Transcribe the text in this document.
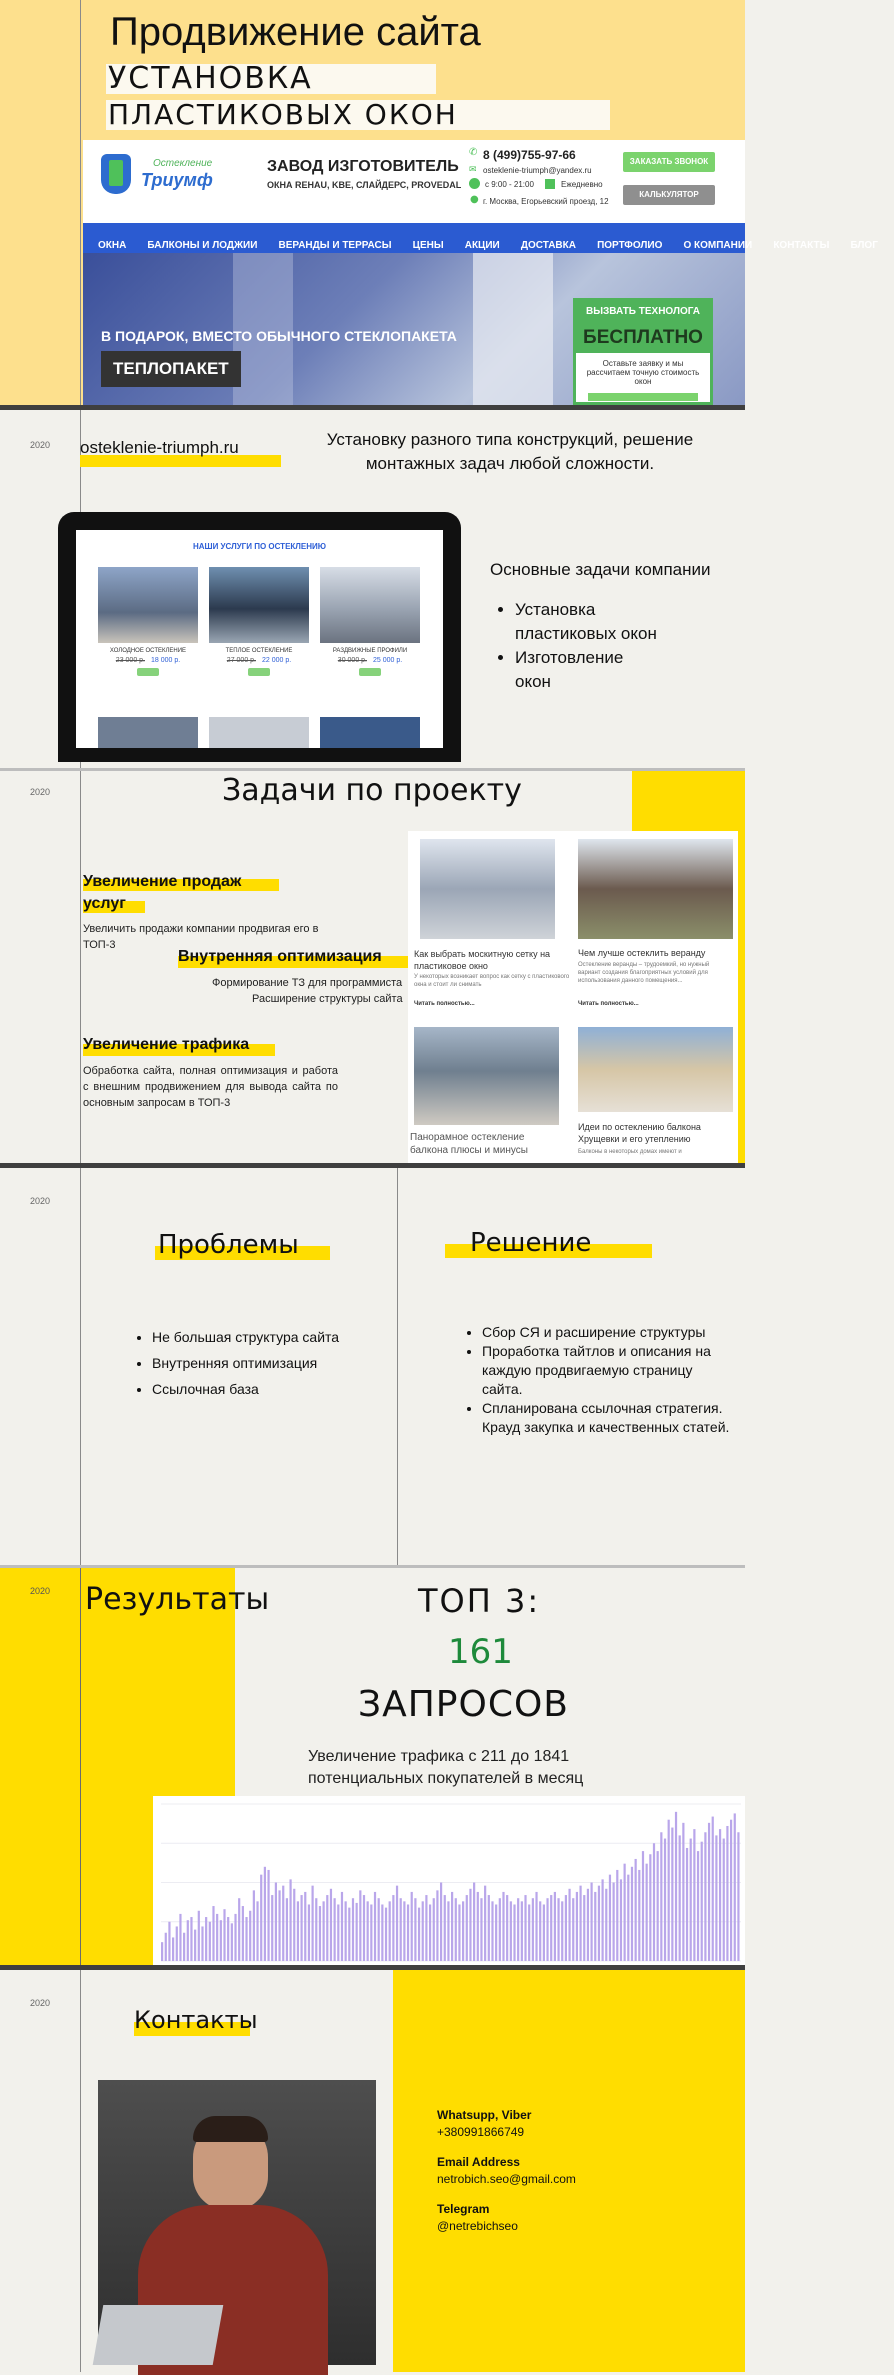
Продвижение сайта
УСТАНОВКА
ПЛАСТИКОВЫХ ОКОН
Остекление
Триумф
ЗАВОД ИЗГОТОВИТЕЛЬ
ОКНА REHAU, KBE, СЛАЙДЕРС, PROVEDAL
✆ 8 (499)755-97-66
✉ osteklenie-triumph@yandex.ru
с 9:00 - 21:00	Ежедневно
● г. Москва, Егорьевский проезд, 12
ЗАКАЗАТЬ ЗВОНОК
КАЛЬКУЛЯТОР
ОКНА БАЛКОНЫ И ЛОДЖИИ ВЕРАНДЫ И ТЕРРАСЫ ЦЕНЫ АКЦИИ ДОСТАВКА ПОРТФОЛИО О КОМПАНИИ КОНТАКТЫ БЛОГ
В ПОДАРОК, ВМЕСТО ОБЫЧНОГО СТЕКЛОПАКЕТА
ТЕПЛОПАКЕТ
ВЫЗВАТЬ ТЕХНОЛОГА
БЕСПЛАТНО
Оставьте заявку и мы рассчитаем точную стоимость окон
2020 osteklenie-triumph.ru	Установку разного типа конструкций, решение монтажных задач любой сложности.
НАШИ УСЛУГИ ПО ОСТЕКЛЕНИЮ
ХОЛОДНОЕ ОСТЕКЛЕНИЕ
23 000 р. 18 000 р.
ТЕПЛОЕ ОСТЕКЛЕНИЕ
27 000 р. 22 000 р.
РАЗДВИЖНЫЕ ПРОФИЛИ
30 000 р. 25 000 р.
Основные задачи компании
• Установка пластиковых окон
• Изготовление окон
2020	Задачи по проекту
Увеличение продаж
услуг
Увеличить продажи компании продвигая его в ТОП-3
Внутренняя оптимизация
Формирование ТЗ для программиста
Расширение структуры сайта
Увеличение трафика
Обработка сайта, полная оптимизация и работа с внешним продвижением для вывода сайта по основным запросам в ТОП-3
Как выбрать москитную сетку на пластиковое окно
У некоторых возникает вопрос как сетку с пластикового окна и стоит ли снимать
Читать полностью...
Чем лучше остеклить веранду
Остекление веранды – трудоемкий, но нужный вариант создания благоприятных условий для использования данного помещения...
Читать полностью...
Панорамное остекление балкона плюсы и минусы
Идеи по остеклению балкона Хрущевки и его утеплению
Балконы в некоторых домах имеют и
2020
Проблемы
• Не большая структура сайта
• Внутренняя оптимизация
• Ссылочная база
Решение
• Сбор СЯ и расширение структуры
• Проработка тайтлов и описания на каждую продвигаемую страницу сайта.
• Спланирована ссылочная стратегия. Крауд закупка и качественных статей.
2020 Результаты	ТОП 3:
161
ЗАПРОСОВ
Увеличение трафика с 211 до 1841
потенциальных покупателей в месяц
2020
Контакты
Whatsupp, Viber
+380991866749
Email Address
netrobich.seo@gmail.com
Telegram
@netrebichseo
